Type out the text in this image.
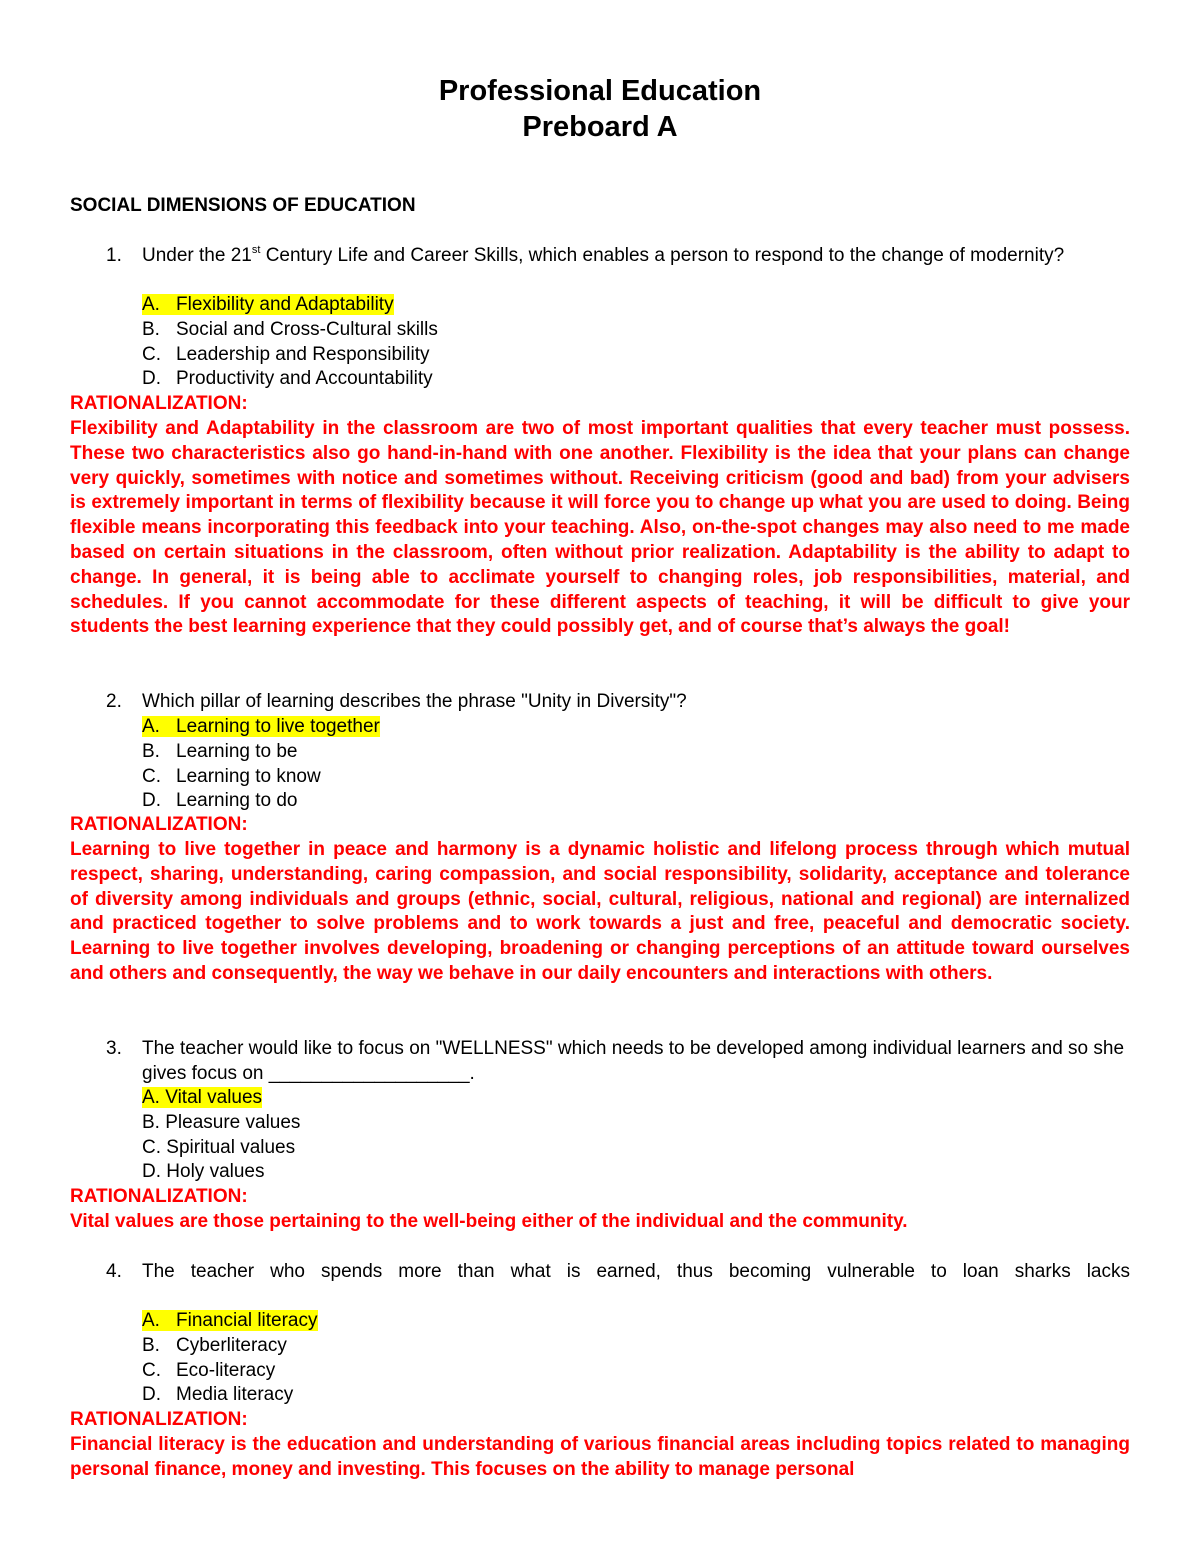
Professional Education
Preboard A
SOCIAL DIMENSIONS OF EDUCATION
1. Under the 21st Century Life and Career Skills, which enables a person to respond to the change of modernity?
A. Flexibility and Adaptability
B. Social and Cross-Cultural skills
C. Leadership and Responsibility
D. Productivity and Accountability
RATIONALIZATION:
Flexibility and Adaptability in the classroom are two of most important qualities that every teacher must possess. These two characteristics also go hand-in-hand with one another. Flexibility is the idea that your plans can change very quickly, sometimes with notice and sometimes without. Receiving criticism (good and bad) from your advisers is extremely important in terms of flexibility because it will force you to change up what you are used to doing. Being flexible means incorporating this feedback into your teaching. Also, on-the-spot changes may also need to me made based on certain situations in the classroom, often without prior realization. Adaptability is the ability to adapt to change. In general, it is being able to acclimate yourself to changing roles, job responsibilities, material, and schedules. If you cannot accommodate for these different aspects of teaching, it will be difficult to give your students the best learning experience that they could possibly get, and of course that’s always the goal!
2. Which pillar of learning describes the phrase "Unity in Diversity"?
A. Learning to live together
B. Learning to be
C. Learning to know
D. Learning to do
RATIONALIZATION:
Learning to live together in peace and harmony is a dynamic holistic and lifelong process through which mutual respect, sharing, understanding, caring compassion, and social responsibility, solidarity, acceptance and tolerance of diversity among individuals and groups (ethnic, social, cultural, religious, national and regional) are internalized and practiced together to solve problems and to work towards a just and free, peaceful and democratic society. Learning to live together involves developing, broadening or changing perceptions of an attitude toward ourselves and others and consequently, the way we behave in our daily encounters and interactions with others.
3. The teacher would like to focus on "WELLNESS" which needs to be developed among individual learners and so she gives focus on ___________________.
A. Vital values
B. Pleasure values
C. Spiritual values
D. Holy values
RATIONALIZATION:
Vital values are those pertaining to the well-being either of the individual and the community.
4. The teacher who spends more than what is earned, thus becoming vulnerable to loan sharks lacks
A. Financial literacy
B. Cyberliteracy
C. Eco-literacy
D. Media literacy
RATIONALIZATION:
Financial literacy is the education and understanding of various financial areas including topics related to managing personal finance, money and investing. This focuses on the ability to manage personal
